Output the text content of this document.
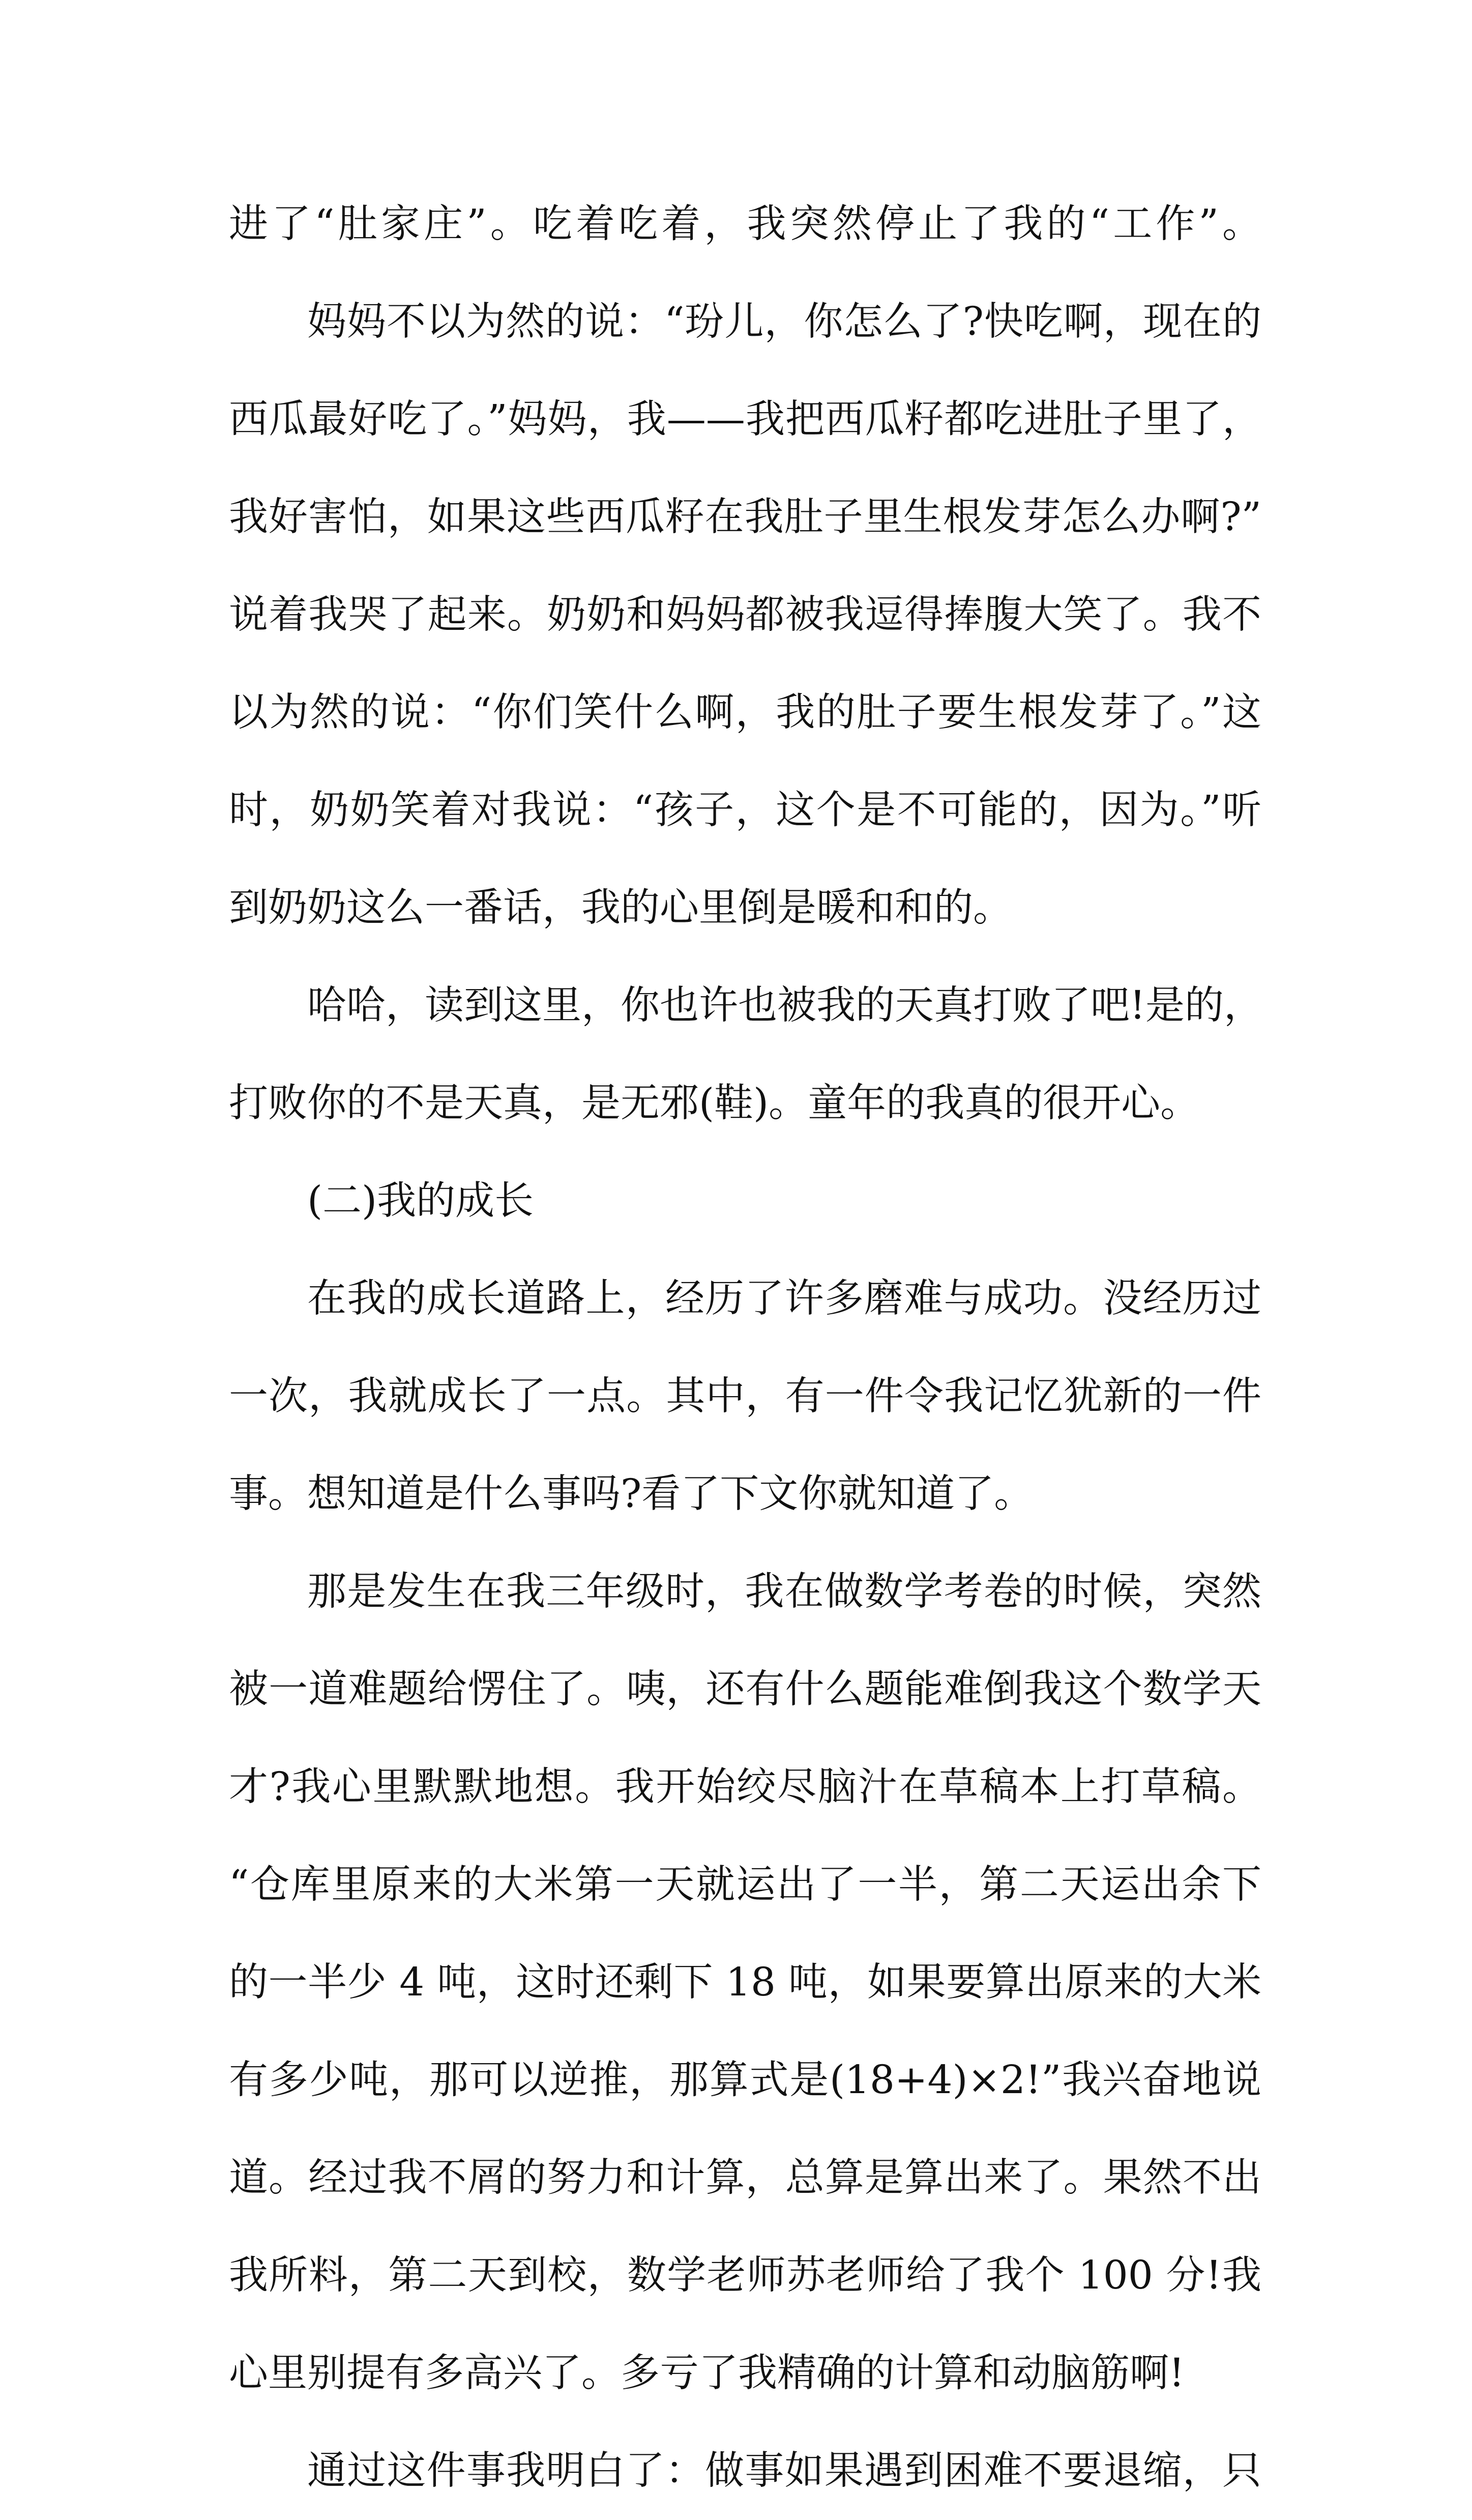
进了“肚家庄”。吃着吃着，我突然停止了我的“工作”。
妈妈不以为然的说：“玢儿，你怎么了?快吃啊，现在的
西瓜最好吃了。”妈妈，我——我把西瓜籽都吃进肚子里了，
我好害怕，如果这些西瓜籽在我肚子里生根发芽怎么办啊?”
说着我哭了起来。奶奶和妈妈都被我逗得捧腹大笑了。我不
以为然的说：“你们笑什么啊，我的肚子要生根发芽了。”这
时，奶奶笑着对我说：“孩子，这个是不可能的，因为。”听
到奶奶这么一番话，我的心里倒是暖和和的。
哈哈，读到这里，你也许也被我的天真打败了吧!是的，
打败你的不是天真，是无邪(鞋)。童年的我真的很开心。
(二)我的成长
在我的成长道路上，经历了许多磨难与成功。没经历过
一次，我就成长了一点。其中，有一件令我记忆犹新的一件
事。想知道是什么事吗?看了下文你就知道了。
那是发生在我三年级时，我在做数学考卷的时候，突然
被一道难题给愣住了。咦，还有什么题能难倒我这个数学天
才?我心里默默地想。我开始绞尽脑汁在草稿本上打草稿。
“仓库里原来的大米第一天就运出了一半，第二天运出余下
的一半少 4 吨，这时还剩下 18 吨，如果要算出原来的大米
有多少吨，那可以逆推，那算式是(18+4)×2!”我兴奋地说
道。经过我不屑的努力和计算，总算是算出来了。果然不出
我所料，第二天到校，数学老师苏老师给了我个 100 分!我
心里别提有多高兴了。多亏了我精确的计算和动脑筋啊!
通过这件事我明白了：做事如果遇到困难不要退缩，只
